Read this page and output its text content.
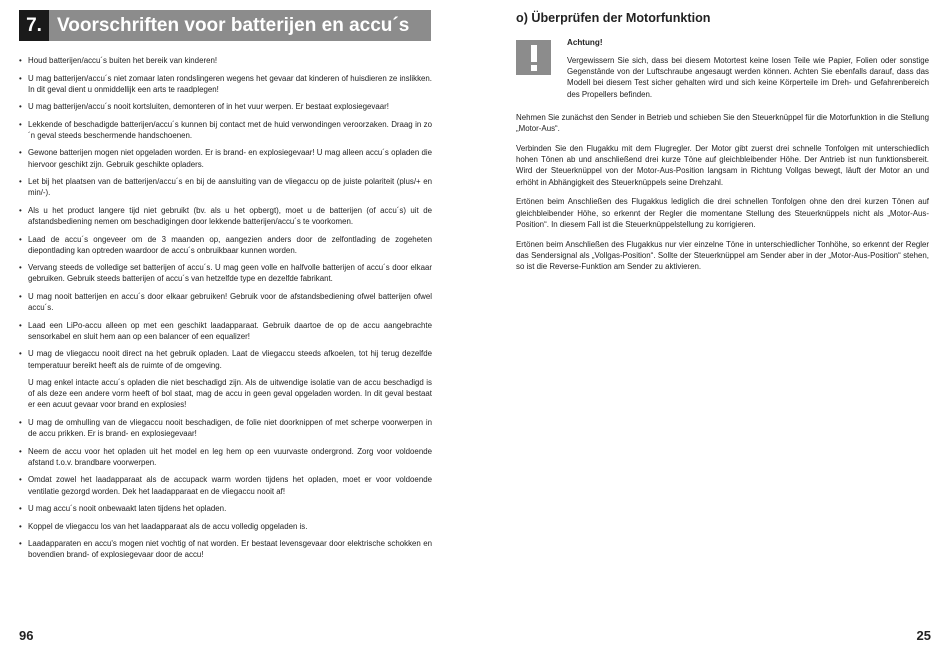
7. Voorschriften voor batterijen en accu´s
• Houd batterijen/accu´s buiten het bereik van kinderen!
• U mag batterijen/accu´s niet zomaar laten rondslingeren wegens het gevaar dat kinderen of huisdieren ze inslikken. In dit geval dient u onmiddellijk een arts te raadplegen!
• U mag batterijen/accu´s nooit kortsluiten, demonteren of in het vuur werpen. Er bestaat explosiegevaar!
• Lekkende of beschadigde batterijen/accu´s kunnen bij contact met de huid verwondingen veroorzaken. Draag in zo´n geval steeds beschermende handschoenen.
• Gewone batterijen mogen niet opgeladen worden. Er is brand- en explosiegevaar! U mag alleen accu´s opladen die hiervoor geschikt zijn. Gebruik geschikte opladers.
• Let bij het plaatsen van de batterijen/accu´s en bij de aansluiting van de vliegaccu op de juiste polariteit (plus/+ en min/-).
• Als u het product langere tijd niet gebruikt (bv. als u het opbergt), moet u de batterijen (of accu´s) uit de afstandsbediening nemen om beschadigingen door lekkende batterijen/accu´s te voorkomen.
• Laad de accu´s ongeveer om de 3 maanden op, aangezien anders door de zelfontlading de zogeheten diepontlading kan optreden waardoor de accu´s onbruikbaar kunnen worden.
• Vervang steeds de volledige set batterijen of accu´s. U mag geen volle en halfvolle batterijen of accu´s door elkaar gebruiken. Gebruik steeds batterijen of accu´s van hetzelfde type en dezelfde fabrikant.
• U mag nooit batterijen en accu´s door elkaar gebruiken! Gebruik voor de afstandsbediening ofwel batterijen ofwel accu´s.
• Laad een LiPo-accu alleen op met een geschikt laadapparaat. Gebruik daartoe de op de accu aangebrachte sensorkabel en sluit hem aan op een balancer of een equalizer!
• U mag de vliegaccu nooit direct na het gebruik opladen. Laat de vliegaccu steeds afkoelen, tot hij terug dezelfde temperatuur bereikt heeft als de ruimte of de omgeving.
U mag enkel intacte accu´s opladen die niet beschadigd zijn. Als de uitwendige isolatie van de accu beschadigd is of als deze een andere vorm heeft of bol staat, mag de accu in geen geval opgeladen worden. In dit geval bestaat er een acuut gevaar voor brand en explosies!
• U mag de omhulling van de vliegaccu nooit beschadigen, de folie niet doorknippen of met scherpe voorwerpen in de accu prikken. Er is brand- en explosiegevaar!
• Neem de accu voor het opladen uit het model en leg hem op een vuurvaste ondergrond. Zorg voor voldoende afstand t.o.v. brandbare voorwerpen.
• Omdat zowel het laadapparaat als de accupack warm worden tijdens het opladen, moet er voor voldoende ventilatie gezorgd worden. Dek het laadapparaat en de vliegaccu nooit af!
• U mag accu´s nooit onbewaakt laten tijdens het opladen.
• Koppel de vliegaccu los van het laadapparaat als de accu volledig opgeladen is.
• Laadapparaten en accu's mogen niet vochtig of nat worden. Er bestaat levensgevaar door elektrische schokken en bovendien brand- of explosiegevaar door de accu!
96
o) Überprüfen der Motorfunktion
Achtung!
Vergewissern Sie sich, dass bei diesem Motortest keine losen Teile wie Papier, Folien oder sonstige Gegenstände von der Luftschraube angesaugt werden können. Achten Sie ebenfalls darauf, dass das Modell bei diesem Test sicher gehalten wird und sich keine Körperteile im Dreh- und Gefahrenbereich des Propellers befinden.

Nehmen Sie zunächst den Sender in Betrieb und schieben Sie den Steuerknüppel für die Motorfunktion in die Stellung „Motor-Aus“.

Verbinden Sie den Flugakku mit dem Flugregler. Der Motor gibt zuerst drei schnelle Tonfolgen mit unterschiedlich hohen Tönen ab und anschließend drei kurze Töne auf gleichbleibender Höhe. Der Antrieb ist nun funktionsbereit. Wird der Steuerknüppel von der Motor-Aus-Position langsam in Richtung Vollgas bewegt, läuft der Motor an und erhöht in Abhängigkeit des Steuerknüppels seine Drehzahl.

Ertönen beim Anschließen des Flugakkus lediglich die drei schnellen Tonfolgen ohne den drei kurzen Tönen auf gleichbleibender Höhe, so erkennt der Regler die momentane Stellung des Steuerknüppels nicht als „Motor-Aus-Position“. In diesem Fall ist die Steuerknüppelstellung zu korrigieren.

Ertönen beim Anschließen des Flugakkus nur vier einzelne Töne in unterschiedlicher Tonhöhe, so erkennt der Regler das Sendersignal als „Vollgas-Position“. Sollte der Steuerknüppel am Sender aber in der „Motor-Aus-Position“ stehen, so ist die Reverse-Funktion am Sender zu aktivieren.

25
